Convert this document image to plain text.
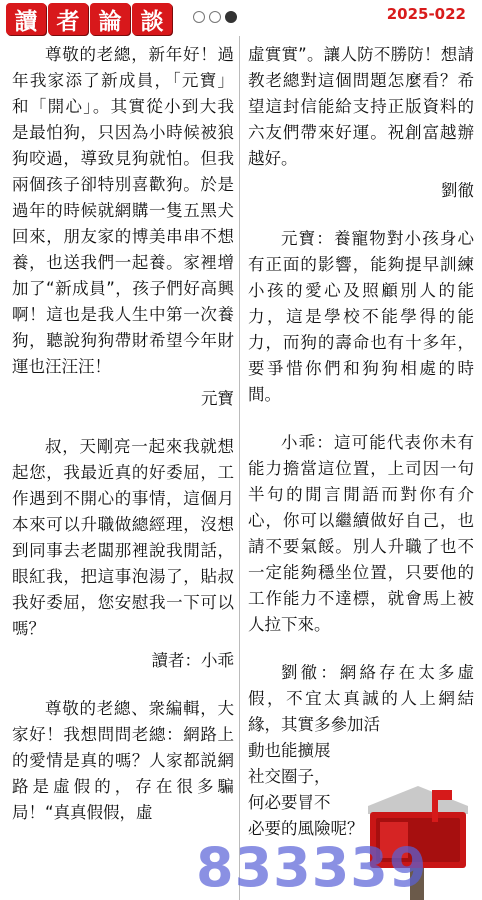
讀 者 論 談	2025-022

尊敬的老總，新年好！過年我家添了新成員，「元寶」和「開心」。其實從小到大我是最怕狗，只因為小時候被狼狗咬過，導致見狗就怕。但我兩個孩子卻特別喜歡狗。於是過年的時候就網購一隻五黑犬回來，朋友家的博美串串不想養，也送我們一起養。家裡增加了“新成員”，孩子們好高興啊！這也是我人生中第一次養狗，聽說狗狗帶財希望今年財運也汪汪汪！

元寶

叔，天剛亮一起來我就想起您，我最近真的好委屈，工作遇到不開心的事情，這個月本來可以升職做總經理，沒想到同事去老闆那裡說我閒話，眼紅我，把這事泡湯了，貼叔我好委屈，您安慰我一下可以嗎？

讀者：小乖

尊敬的老總、衆編輯，大家好！我想問問老總：網路上的愛情是真的嗎？人家都説網路是虛假的，存在很多騙局！“真真假假，虛

虛實實”。讓人防不勝防！想請教老總對這個問題怎麼看？希望這封信能給支持正版資料的六友們帶來好運。祝創富越辦越好。

劉徹

元寶：養寵物對小孩身心有正面的影響，能夠提早訓練小孩的愛心及照顧別人的能力，這是學校不能學得的能力，而狗的壽命也有十多年，要爭惜你們和狗狗相處的時間。

小乖：這可能代表你未有能力擔當這位置，上司因一句半句的閒言閒語而對你有介心，你可以繼續做好自己，也請不要氣餒。別人升職了也不一定能夠穩坐位置，只要他的工作能力不達標，就會馬上被人拉下來。

劉徹：網絡存在太多虛假，不宜太真誠的人上網結緣，其實多參加活

動也能擴展

社交圈子，

何必要冒不

必要的風險呢？

833339
